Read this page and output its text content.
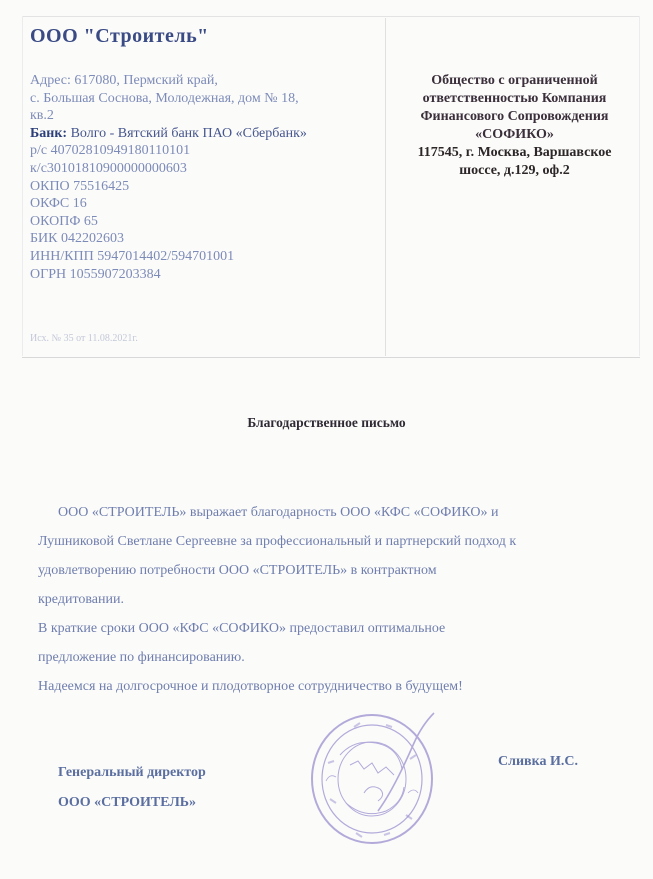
ООО "Строитель"
Адрес: 617080, Пермский край,
с. Большая Соснова, Молодежная, дом № 18,
кв.2
Банк: Волго - Вятский банк ПАО «Сбербанк»
р/с 40702810949180110101
к/с30101810900000000603
ОКПО 75516425
ОКФС 16
ОКОПФ 65
БИК 042202603
ИНН/КПП 5947014402/594701001
ОГРН 1055907203384
Исх. № 35 от 11.08.2021г.
Общество с ограниченной
ответственностью Компания
Финансового Сопровождения
«СОФИКО»
117545, г. Москва, Варшавское
шоссе, д.129, оф.2
Благодарственное письмо

ООО «СТРОИТЕЛЬ» выражает благодарность ООО «КФС «СОФИКО» и

Лушниковой Светлане Сергеевне за профессиональный и партнерский подход к

удовлетворению потребности ООО «СТРОИТЕЛЬ» в контрактном

кредитовании.

В краткие сроки ООО «КФС «СОФИКО» предоставил оптимальное

предложение по финансированию.

Надеемся на долгосрочное и плодотворное сотрудничество в будущем!

Генеральный директор
ООО «СТРОИТЕЛЬ»
Сливка И.С.
